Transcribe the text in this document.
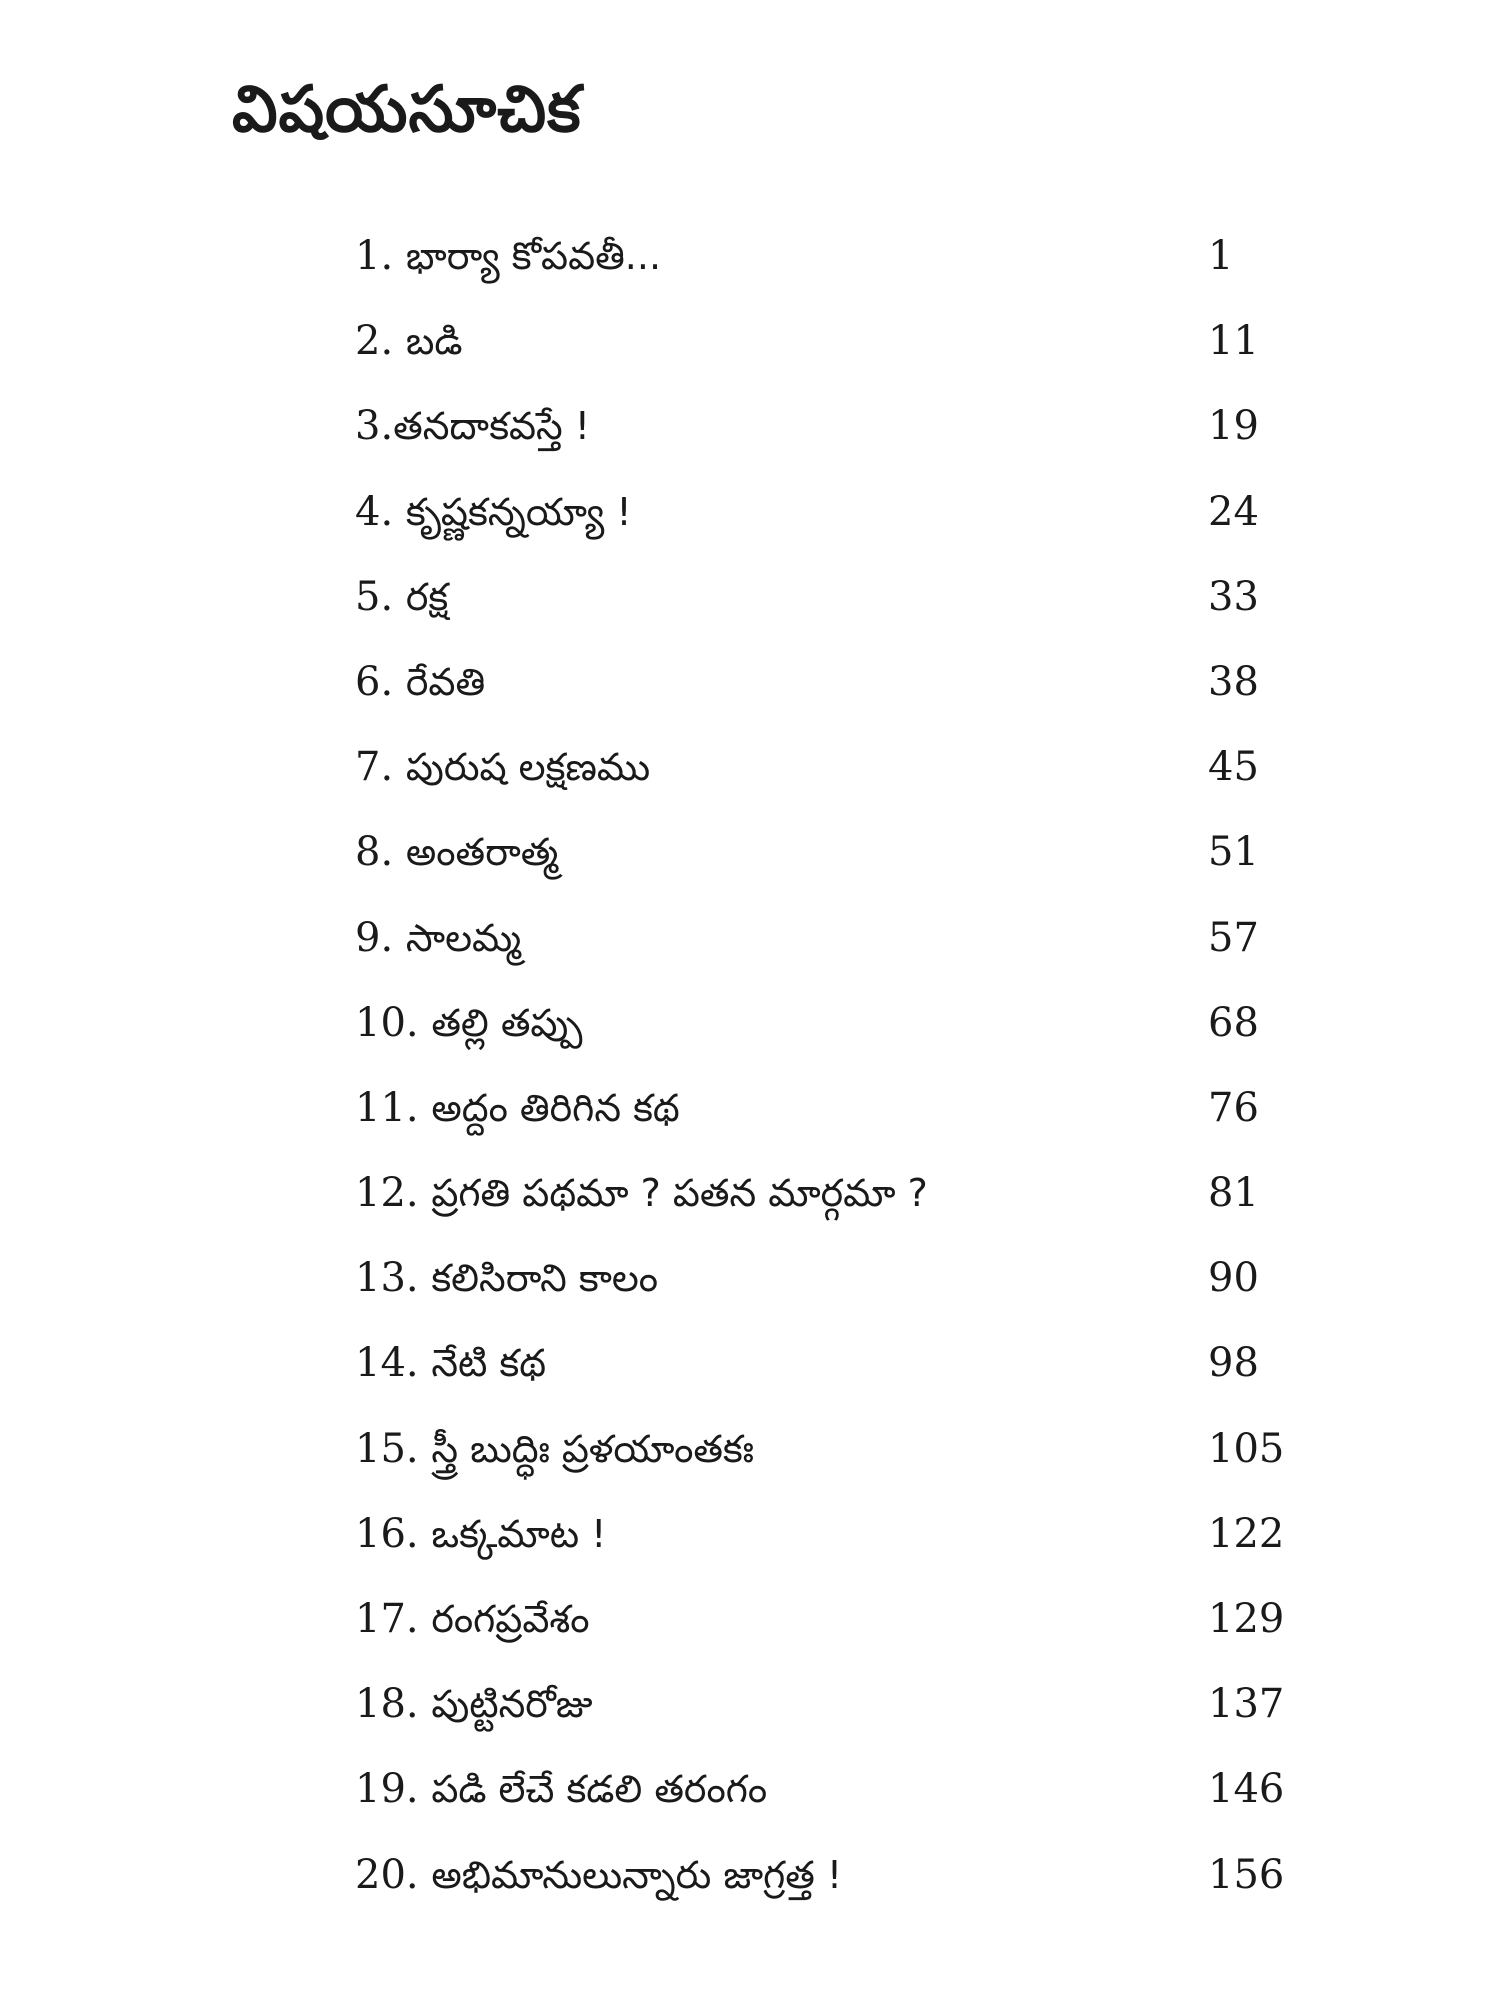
విషయసూచిక
1. భార్యా కోపవతీ...	1
2. బడి	11
3.తనదాకవస్తే !	19
4. కృష్ణకన్నయ్యా !	24
5. రక్ష	33
6. రేవతి	38
7. పురుష లక్షణము	45
8. అంతరాత్మ	51
9. సాలమ్మ	57
10. తల్లి తప్పు	68
11. అద్దం తిరిగిన కథ	76
12. ప్రగతి పథమా ? పతన మార్గమా ?	81
13. కలిసిరాని కాలం	90
14. నేటి కథ	98
15. స్త్రీ బుద్ధిః ప్రళయాంతకః	105
16. ఒక్కమాట !	122
17. రంగప్రవేశం	129
18. పుట్టినరోజు	137
19. పడి లేచే కడలి తరంగం	146
20. అభిమానులున్నారు జాగ్రత్త !	156
